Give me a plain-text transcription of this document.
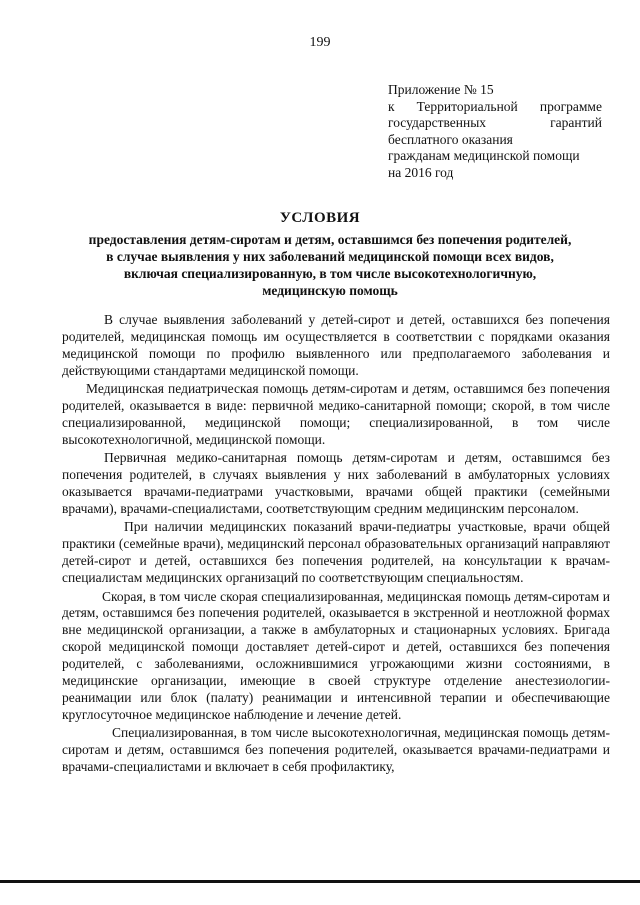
199
Приложение № 15
к Территориальной программе
государственных	гарантий
бесплатного оказания
гражданам медицинской помощи
на 2016 год
УСЛОВИЯ
предоставления детям-сиротам и детям, оставшимся без попечения родителей,
в случае выявления у них заболеваний медицинской помощи всех видов,
включая специализированную, в том числе высокотехнологичную,
медицинскую помощь

В случае выявления заболеваний у детей-сирот и детей, оставшихся без попечения родителей, медицинская помощь им осуществляется в соответствии с порядками оказания медицинской помощи по профилю выявленного или предполагаемого заболевания и действующими стандартами медицинской помощи.

Медицинская педиатрическая помощь детям-сиротам и детям, оставшимся без попечения родителей, оказывается в виде: первичной медико-санитарной помощи; скорой, в том числе специализированной, медицинской помощи; специализированной, в том числе высокотехнологичной, медицинской помощи.

Первичная медико-санитарная помощь детям-сиротам и детям, оставшимся без попечения родителей, в случаях выявления у них заболеваний в амбулаторных условиях оказывается врачами-педиатрами участковыми, врачами общей практики (семейными врачами), врачами-специалистами, соответствующим средним медицинским персоналом.

При наличии медицинских показаний врачи-педиатры участковые, врачи общей практики (семейные врачи), медицинский персонал образовательных организаций направляют детей-сирот и детей, оставшихся без попечения родителей, на консультации к врачам-специалистам медицинских организаций по соответствующим специальностям.

Скорая, в том числе скорая специализированная, медицинская помощь детям-сиротам и детям, оставшимся без попечения родителей, оказывается в экстренной и неотложной формах вне медицинской организации, а также в амбулаторных и стационарных условиях. Бригада скорой медицинской помощи доставляет детей-сирот и детей, оставшихся без попечения родителей, с заболеваниями, осложнившимися угрожающими жизни состояниями, в медицинские организации, имеющие в своей структуре отделение анестезиологии-реанимации или блок (палату) реанимации и интенсивной терапии и обеспечивающие круглосуточное медицинское наблюдение и лечение детей.

Специализированная, в том числе высокотехнологичная, медицинская помощь детям-сиротам и детям, оставшимся без попечения родителей, оказывается врачами-педиатрами и врачами-специалистами и включает в себя профилактику,
